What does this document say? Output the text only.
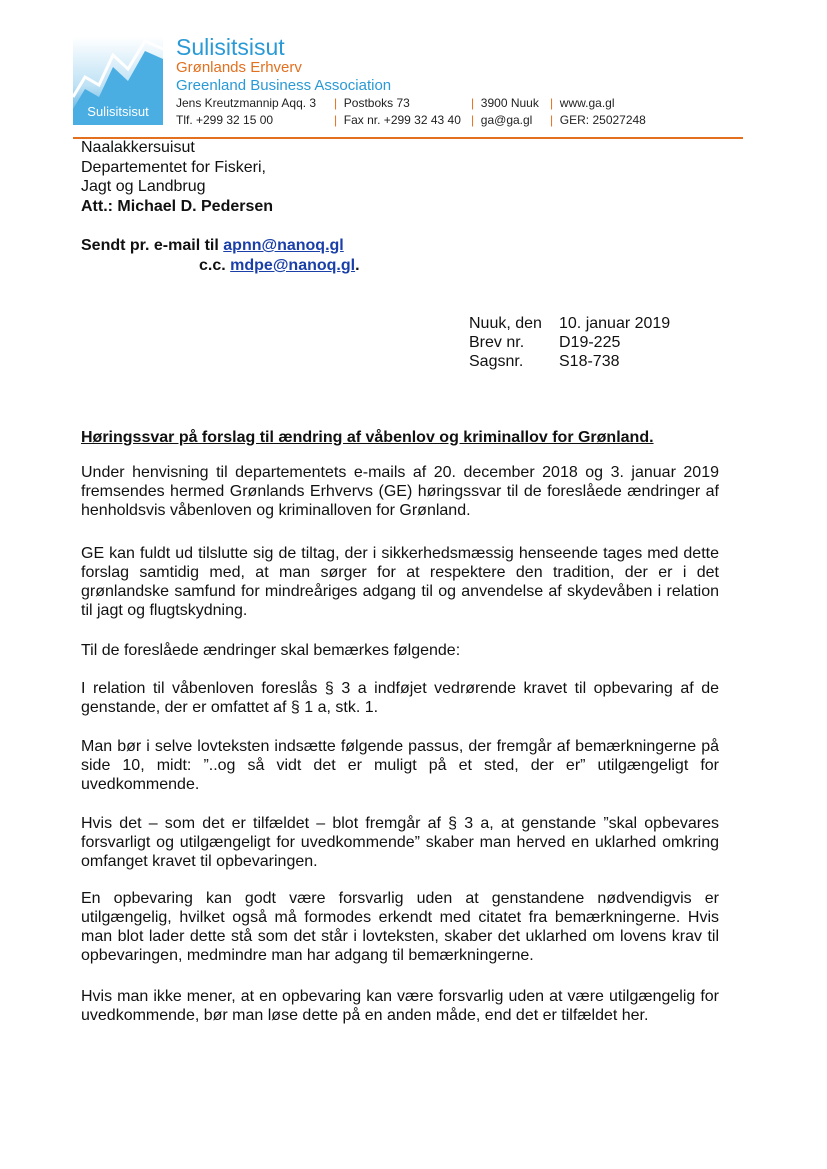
Sulisitsisut
Sulisitsisut
Grønlands Erhverv
Greenland Business Association
Jens Kreutzmannip Aqq. 3
Tlf. +299 32 15 00
| Postboks 73
| Fax nr. +299 32 43 40
| 3900 Nuuk
| ga@ga.gl
| www.ga.gl
| GER: 25027248
Naalakkersuisut
Departementet for Fiskeri,
Jagt og Landbrug
Att.: Michael D. Pedersen
Sendt pr. e-mail til apnn@nanoq.gl
c.c. mdpe@nanoq.gl.
Nuuk, den 10. januar 2019
Brev nr. D19-225
Sagsnr. S18-738
Høringssvar på forslag til ændring af våbenlov og kriminallov for Grønland.
Under henvisning til departementets e-mails af 20. december 2018 og 3. januar 2019 fremsendes hermed Grønlands Erhvervs (GE) høringssvar til de foreslåede ændringer af henholdsvis våbenloven og kriminalloven for Grønland.
GE kan fuldt ud tilslutte sig de tiltag, der i sikkerhedsmæssig henseende tages med dette forslag samtidig med, at man sørger for at respektere den tradition, der er i det grønlandske samfund for mindreåriges adgang til og anvendelse af skydevåben i relation til jagt og flugtskydning.
Til de foreslåede ændringer skal bemærkes følgende:
I relation til våbenloven foreslås § 3 a indføjet vedrørende kravet til opbevaring af de genstande, der er omfattet af § 1 a, stk. 1.
Man bør i selve lovteksten indsætte følgende passus, der fremgår af bemærkningerne på side 10, midt: ”..og så vidt det er muligt på et sted, der er” utilgængeligt for uvedkommende.
Hvis det – som det er tilfældet – blot fremgår af § 3 a, at genstande ”skal opbevares forsvarligt og utilgængeligt for uvedkommende” skaber man herved en uklarhed omkring omfanget kravet til opbevaringen.
En opbevaring kan godt være forsvarlig uden at genstandene nødvendigvis er utilgængelig, hvilket også må formodes erkendt med citatet fra bemærkningerne. Hvis man blot lader dette stå som det står i lovteksten, skaber det uklarhed om lovens krav til opbevaringen, medmindre man har adgang til bemærkningerne.
Hvis man ikke mener, at en opbevaring kan være forsvarlig uden at være utilgængelig for uvedkommende, bør man løse dette på en anden måde, end det er tilfældet her.
